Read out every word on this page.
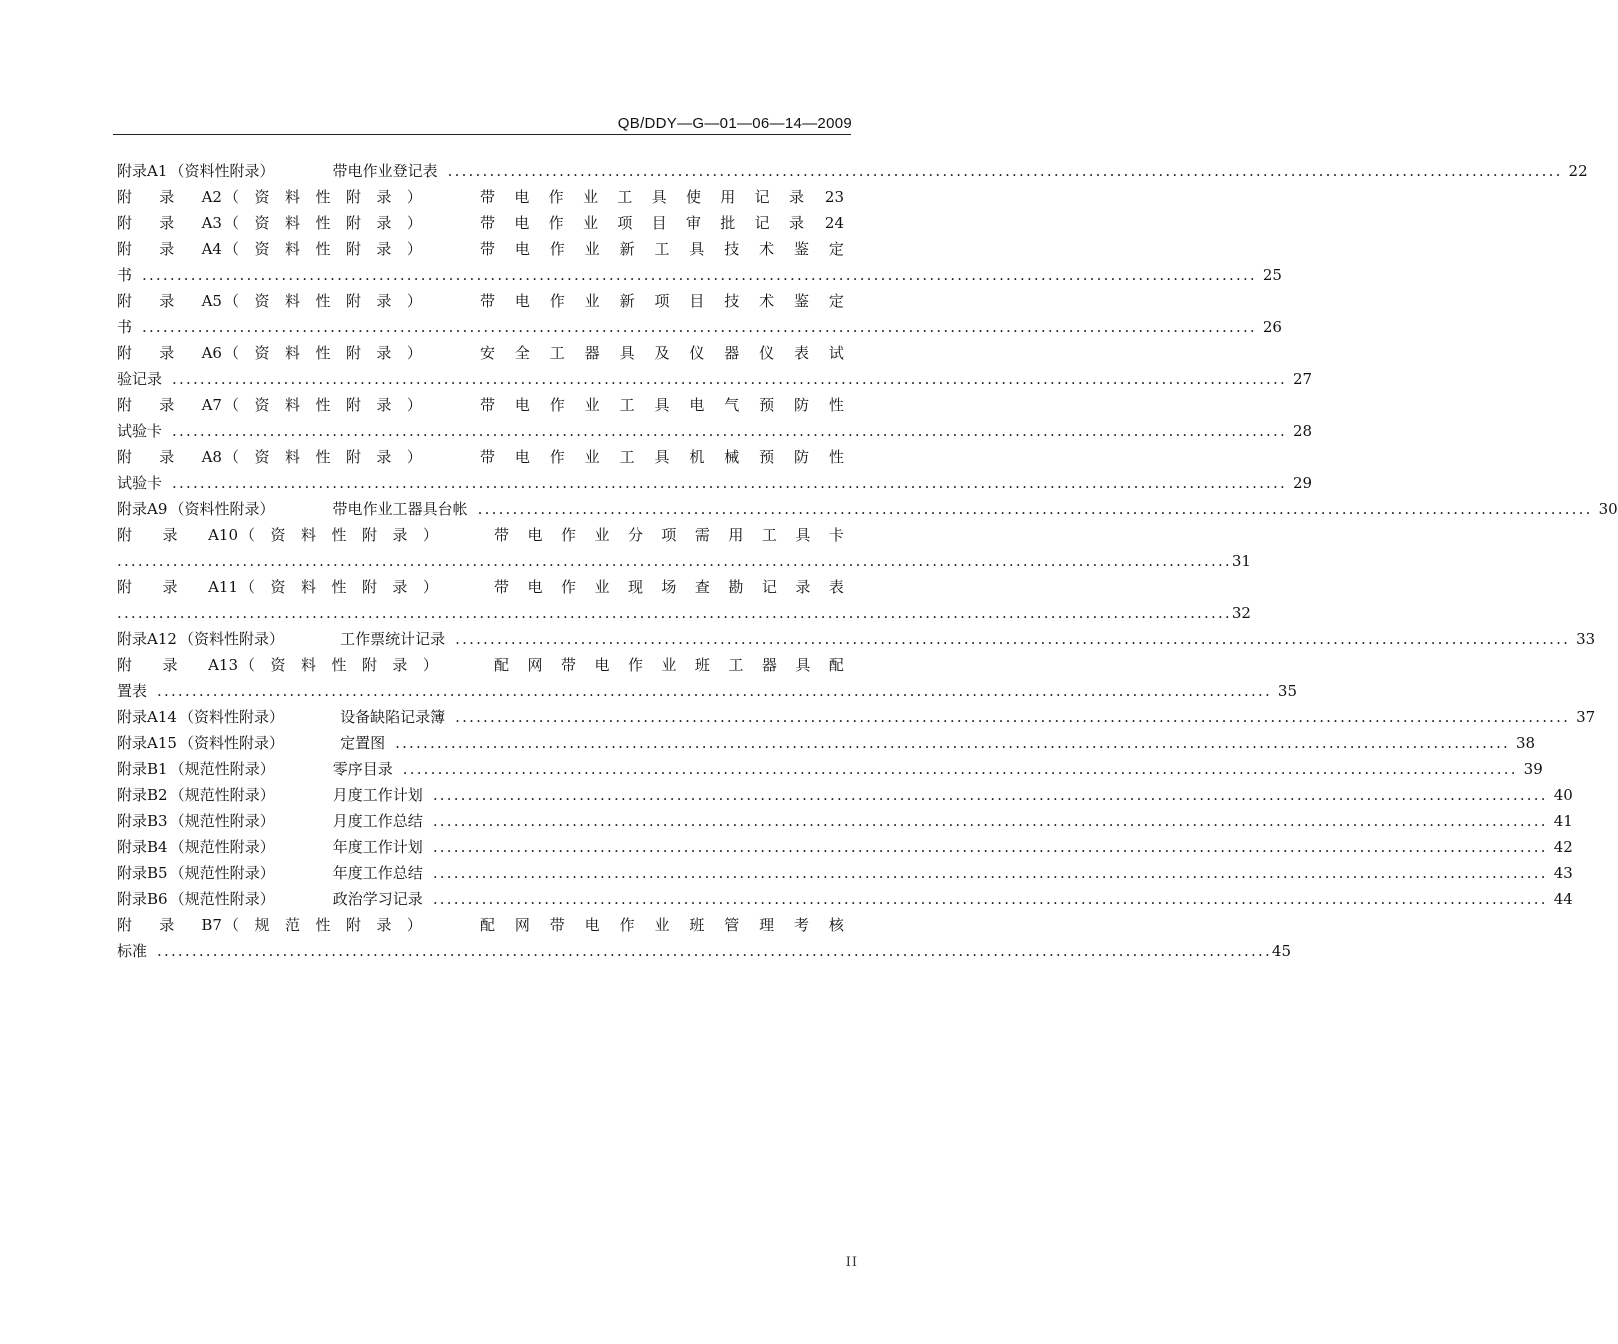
QB/DDY—G—01—06—14—2009
附 录 A1 （ 资 料 性 附 录 ）	带 电 作 业 登 记 表 ................................................................................................................................................................ 22
附 录 A2 （ 资 料 性 附 录 ）	带 电 作 业 工 具 使 用 记 录 23
附 录 A3 （ 资 料 性 附 录 ）	带 电 作 业 项 目 审 批 记 录 24
附 录 A4 （ 资 料 性 附 录 ）	带 电 作 业 新 工 具 技 术 鉴 定
书 ................................................................................................................................................................ 25
附 录 A5 （ 资 料 性 附 录 ）	带 电 作 业 新 项 目 技 术 鉴 定
书 ................................................................................................................................................................ 26
附 录 A6 （ 资 料 性 附 录 ）	安 全 工 器 具 及 仪 器 仪 表 试
验 记 录 ................................................................................................................................................................ 27
附 录 A7 （ 资 料 性 附 录 ）	带 电 作 业 工 具 电 气 预 防 性
试 验 卡 ................................................................................................................................................................ 28
附 录 A8 （ 资 料 性 附 录 ）	带 电 作 业 工 具 机 械 预 防 性
试 验 卡 ................................................................................................................................................................ 29
附 录 A9 （ 资 料 性 附 录 ）	带 电 作 业 工 器 具 台 帐 ................................................................................................................................................................ 30
附 录 A10 （ 资 料 性 附 录 ）	带 电 作 业 分 项 需 用 工 具 卡
................................................................................................................................................................ 31
附 录 A11 （ 资 料 性 附 录 ）	带 电 作 业 现 场 查 勘 记 录 表
................................................................................................................................................................ 32
附 录 A12 （ 资 料 性 附 录 ）	工 作 票 统 计 记 录 ................................................................................................................................................................ 33
附 录 A13 （ 资 料 性 附 录 ）	配 网 带 电 作 业 班 工 器 具 配
置 表 ................................................................................................................................................................ 35
附 录 A14 （ 资 料 性 附 录 ）	设 备 缺 陷 记 录 簿 ................................................................................................................................................................ 37
附 录 A15 （ 资 料 性 附 录 ）	定 置 图 ................................................................................................................................................................ 38
附 录 B1 （ 规 范 性 附 录 ）	零 序 目 录 ................................................................................................................................................................ 39
附 录 B2 （ 规 范 性 附 录 ）	月 度 工 作 计 划 ................................................................................................................................................................ 40
附 录 B3 （ 规 范 性 附 录 ）	月 度 工 作 总 结 ................................................................................................................................................................ 41
附 录 B4 （ 规 范 性 附 录 ）	年 度 工 作 计 划 ................................................................................................................................................................ 42
附 录 B5 （ 规 范 性 附 录 ）	年 度 工 作 总 结 ................................................................................................................................................................ 43
附 录 B6 （ 规 范 性 附 录 ）	政 治 学 习 记 录 ................................................................................................................................................................ 44
附 录 B7 （ 规 范 性 附 录 ）	配 网 带 电 作 业 班 管 理 考 核
标 准 ................................................................................................................................................................ 45
II
